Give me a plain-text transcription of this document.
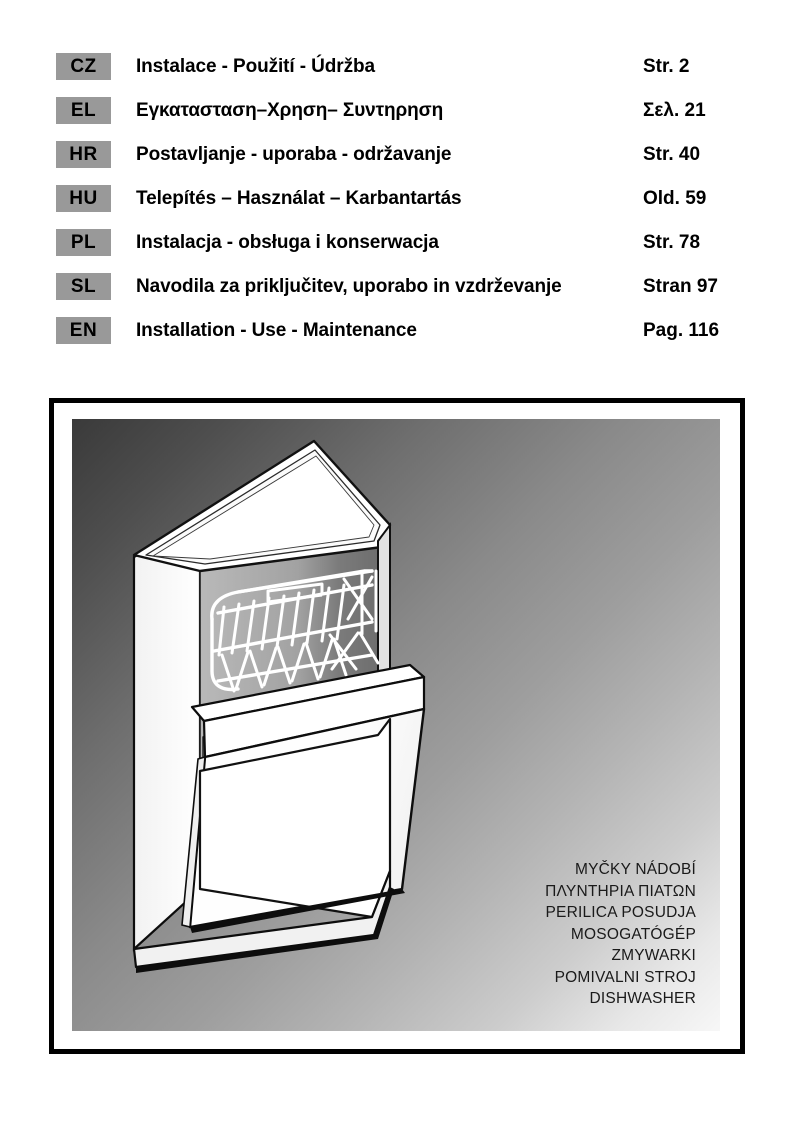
CZ	Instalace - Použití - Údržba	Str. 2
EL	Εγκατασταση–Χρηση– Συντηρηση	Σελ. 21
HR	Postavljanje - uporaba - održavanje	Str. 40
HU	Telepítés – Használat – Karbantartás	Old. 59
PL	Instalacja - obsługa i konserwacja	Str. 78
SL	Navodila za priključitev, uporabo in vzdrževanje	Stran 97
EN	Installation - Use - Maintenance	Pag. 116
MYČKY NÁDOBÍ
ΠΛΥΝΤΗΡΙΑ ΠΙΑΤΩΝ
PERILICA POSUDJA
MOSOGATÓGÉP
ZMYWARKI
POMIVALNI STROJ
DISHWASHER
